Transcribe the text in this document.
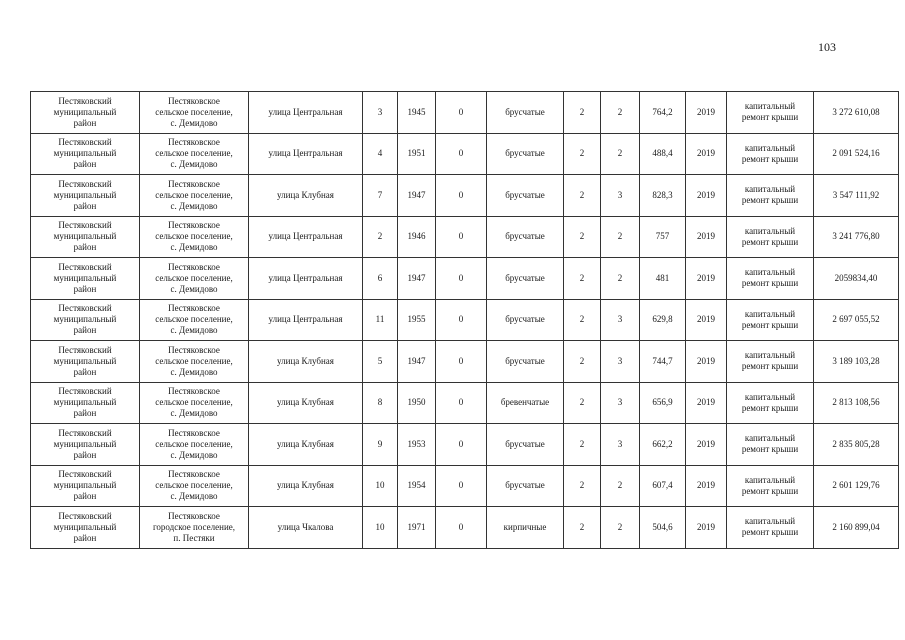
103
Пестяковский
муниципальный
район	Пестяковское
сельское поселение,
с. Демидово	улица Центральная	3	1945	0	брусчатые	2	2	764,2	2019	капитальный
ремонт крыши	3 272 610,08
Пестяковский
муниципальный
район	Пестяковское
сельское поселение,
с. Демидово	улица Центральная	4	1951	0	брусчатые	2	2	488,4	2019	капитальный
ремонт крыши	2 091 524,16
Пестяковский
муниципальный
район	Пестяковское
сельское поселение,
с. Демидово	улица Клубная	7	1947	0	брусчатые	2	3	828,3	2019	капитальный
ремонт крыши	3 547 111,92
Пестяковский
муниципальный
район	Пестяковское
сельское поселение,
с. Демидово	улица Центральная	2	1946	0	брусчатые	2	2	757	2019	капитальный
ремонт крыши	3 241 776,80
Пестяковский
муниципальный
район	Пестяковское
сельское поселение,
с. Демидово	улица Центральная	6	1947	0	брусчатые	2	2	481	2019	капитальный
ремонт крыши	2059834,40
Пестяковский
муниципальный
район	Пестяковское
сельское поселение,
с. Демидово	улица Центральная	11	1955	0	брусчатые	2	3	629,8	2019	капитальный
ремонт крыши	2 697 055,52
Пестяковский
муниципальный
район	Пестяковское
сельское поселение,
с. Демидово	улица Клубная	5	1947	0	брусчатые	2	3	744,7	2019	капитальный
ремонт крыши	3 189 103,28
Пестяковский
муниципальный
район	Пестяковское
сельское поселение,
с. Демидово	улица Клубная	8	1950	0	бревенчатые	2	3	656,9	2019	капитальный
ремонт крыши	2 813 108,56
Пестяковский
муниципальный
район	Пестяковское
сельское поселение,
с. Демидово	улица Клубная	9	1953	0	брусчатые	2	3	662,2	2019	капитальный
ремонт крыши	2 835 805,28
Пестяковский
муниципальный
район	Пестяковское
сельское поселение,
с. Демидово	улица Клубная	10	1954	0	брусчатые	2	2	607,4	2019	капитальный
ремонт крыши	2 601 129,76
Пестяковский
муниципальный
район	Пестяковское
городское поселение,
п. Пестяки	улица Чкалова	10	1971	0	кирпичные	2	2	504,6	2019	капитальный
ремонт крыши	2 160 899,04
